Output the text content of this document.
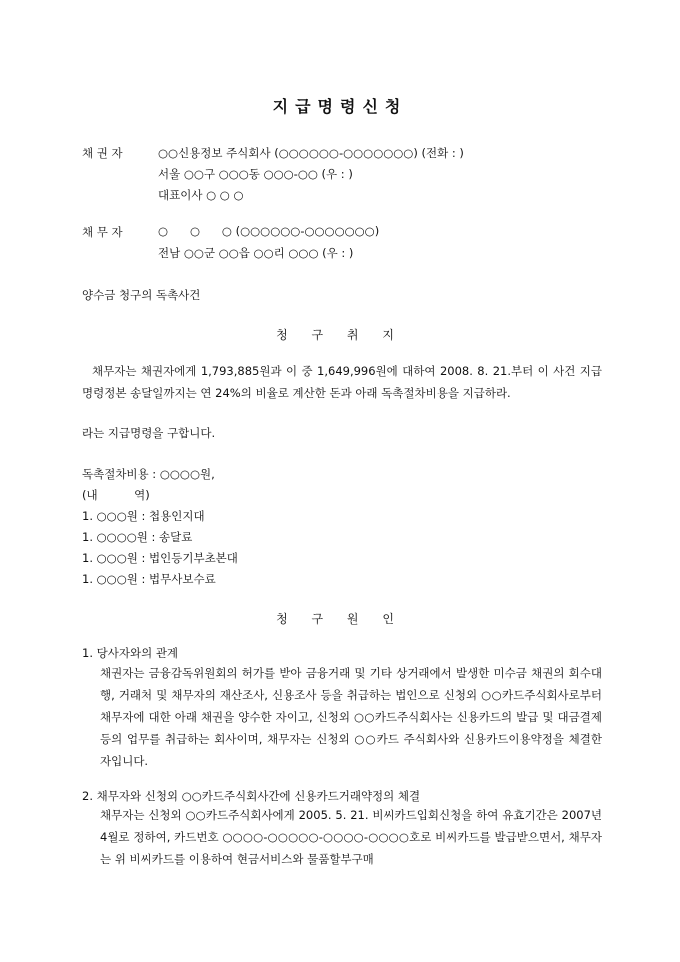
지급명령신청
채 권 자	○○신용정보 주식회사 (○○○○○○-○○○○○○○) (전화 : )
서울 ○○구 ○○○동 ○○○-○○ (우 : )
대표이사 ○ ○ ○
채 무 자	○      ○      ○ (○○○○○○-○○○○○○○)
전남 ○○군 ○○읍 ○○리 ○○○ (우 : )
양수금 청구의 독촉사건
청 구 취 지
채무자는 채권자에게 1,793,885원과 이 중 1,649,996원에 대하여 2008. 8. 21.부터 이 사건 지급명령정본 송달일까지는 연 24%의 비율로 계산한 돈과 아래 독촉절차비용을 지급하라.
라는 지급명령을 구합니다.
독촉절차비용 : ○○○○원,
(내          역)
1. ○○○원 : 첩용인지대
1. ○○○○원 : 송달료
1. ○○○원 : 법인등기부초본대
1. ○○○원 : 법무사보수료
청 구 원 인
1. 당사자와의 관계
채권자는 금융감독위원회의 허가를 받아 금융거래 및 기타 상거래에서 발생한 미수금 채권의 회수대행, 거래처 및 채무자의 재산조사, 신용조사 등을 취급하는 법인으로 신청외 ○○카드주식회사로부터 채무자에 대한 아래 채권을 양수한 자이고, 신청외 ○○카드주식회사는 신용카드의 발급 및 대금결제 등의 업무를 취급하는 회사이며, 채무자는 신청외 ○○카드 주식회사와 신용카드이용약정을 체결한 자입니다.
2. 채무자와 신청외 ○○카드주식회사간에 신용카드거래약정의 체결
채무자는 신청외 ○○카드주식회사에게 2005. 5. 21. 비씨카드입회신청을 하여 유효기간은 2007년 4월로 정하여, 카드번호 ○○○○-○○○○○-○○○○-○○○○호로 비씨카드를 발급받으면서, 채무자는 위 비씨카드를 이용하여 현금서비스와 물품할부구매
